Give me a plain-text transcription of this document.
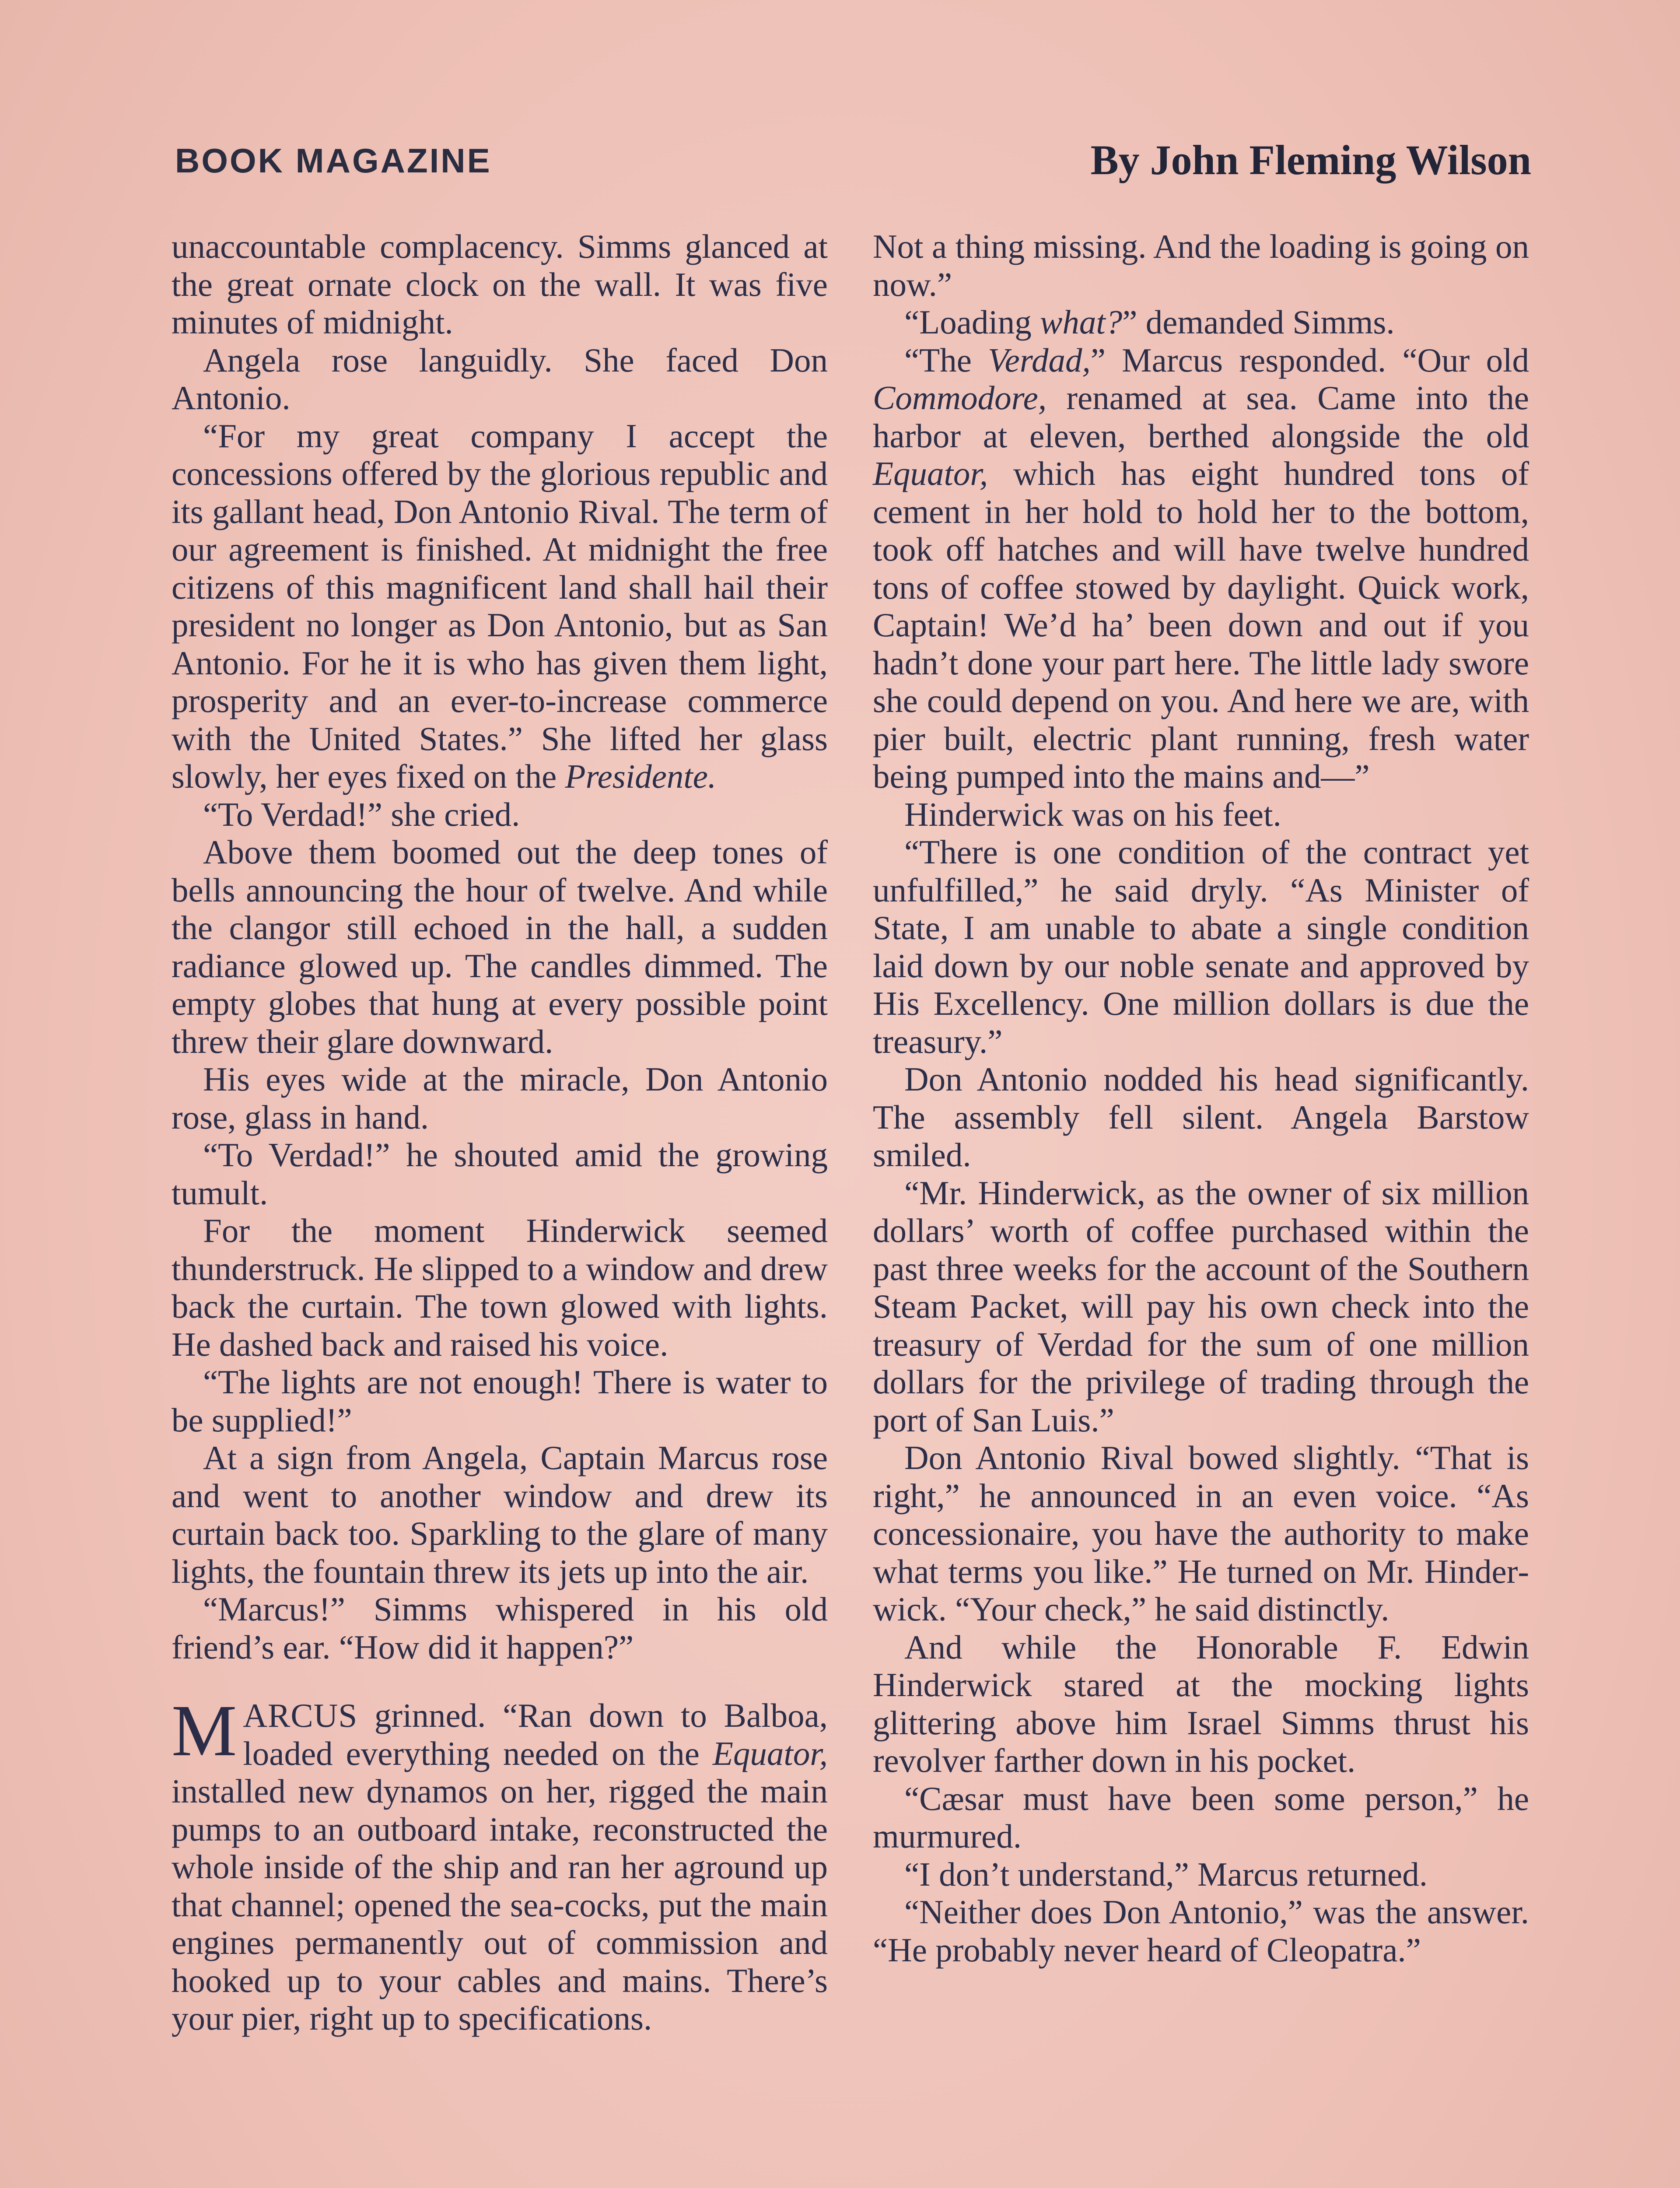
BOOK MAGAZINE	By John Fleming Wilson

unaccountable complacency. Simms glanced at the great ornate clock on the wall. It was five minutes of midnight.

Angela rose languidly. She faced Don Antonio.

“For my great company I accept the concessions offered by the glorious republic and its gallant head, Don Antonio Rival. The term of our agreement is finished. At midnight the free citizens of this magnificent land shall hail their president no longer as Don Antonio, but as San Antonio. For he it is who has given them light, prosperity and an ever-to-increase commerce with the United States.” She lifted her glass slowly, her eyes fixed on the Presidente.

“To Verdad!” she cried.

Above them boomed out the deep tones of bells announcing the hour of twelve. And while the clangor still echoed in the hall, a sudden radiance glowed up. The candles dimmed. The empty globes that hung at every possible point threw their glare downward.

His eyes wide at the miracle, Don Antonio rose, glass in hand.

“To Verdad!” he shouted amid the growing tumult.

For the moment Hinderwick seemed thunderstruck. He slipped to a window and drew back the curtain. The town glowed with lights. He dashed back and raised his voice.

“The lights are not enough! There is water to be supplied!”

At a sign from Angela, Captain Marcus rose and went to another window and drew its curtain back too. Sparkling to the glare of many lights, the fountain threw its jets up into the air.

“Marcus!” Simms whispered in his old friend’s ear. “How did it happen?”

MARCUS grinned. “Ran down to Balboa, loaded everything needed on the Equator, installed new dynamos on her, rigged the main pumps to an outboard intake, reconstructed the whole inside of the ship and ran her aground up that channel; opened the sea-cocks, put the main engines permanently out of commission and hooked up to your cables and mains. There’s your pier, right up to specifications.

Not a thing missing. And the loading is going on now.”

“Loading what?” demanded Simms.

“The Verdad,” Marcus responded. “Our old Commodore, renamed at sea. Came into the harbor at eleven, berthed alongside the old Equator, which has eight hundred tons of cement in her hold to hold her to the bottom, took off hatches and will have twelve hundred tons of coffee stowed by daylight. Quick work, Captain! We’d ha’ been down and out if you hadn’t done your part here. The little lady swore she could depend on you. And here we are, with pier built, electric plant running, fresh water being pumped into the mains and—”

Hinderwick was on his feet.

“There is one condition of the contract yet unfulfilled,” he said dryly. “As Minister of State, I am unable to abate a single condition laid down by our noble senate and approved by His Excellency. One million dollars is due the treasury.”

Don Antonio nodded his head significantly. The assembly fell silent. Angela Barstow smiled.

“Mr. Hinderwick, as the owner of six million dollars’ worth of coffee purchased within the past three weeks for the account of the Southern Steam Packet, will pay his own check into the treasury of Verdad for the sum of one million dollars for the privilege of trading through the port of San Luis.”

Don Antonio Rival bowed slightly. “That is right,” he announced in an even voice. “As concessionaire, you have the authority to make what terms you like.” He turned on Mr. Hinderwick. “Your check,” he said distinctly.

And while the Honorable F. Edwin Hinderwick stared at the mocking lights glittering above him Israel Simms thrust his revolver farther down in his pocket.

“Cæsar must have been some person,” he murmured.

“I don’t understand,” Marcus returned.

“Neither does Don Antonio,” was the answer. “He probably never heard of Cleopatra.”
